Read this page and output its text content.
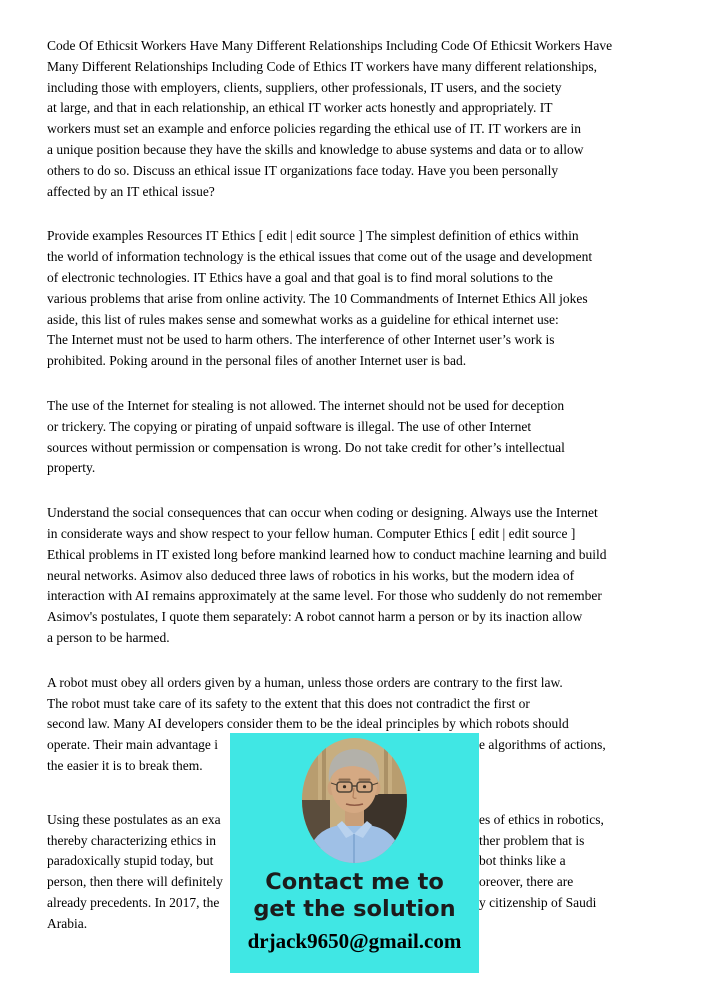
Code Of Ethicsit Workers Have Many Different Relationships Including Code Of Ethicsit Workers Have
Many Different Relationships Including Code of Ethics IT workers have many different relationships,
including those with employers, clients, suppliers, other professionals, IT users, and the society
at large, and that in each relationship, an ethical IT worker acts honestly and appropriately. IT
workers must set an example and enforce policies regarding the ethical use of IT. IT workers are in
a unique position because they have the skills and knowledge to abuse systems and data or to allow
others to do so. Discuss an ethical issue IT organizations face today. Have you been personally
affected by an IT ethical issue?
Provide examples Resources IT Ethics [ edit | edit source ] The simplest definition of ethics within
the world of information technology is the ethical issues that come out of the usage and development
of electronic technologies. IT Ethics have a goal and that goal is to find moral solutions to the
various problems that arise from online activity. The 10 Commandments of Internet Ethics All jokes
aside, this list of rules makes sense and somewhat works as a guideline for ethical internet use:
The Internet must not be used to harm others. The interference of other Internet user’s work is
prohibited. Poking around in the personal files of another Internet user is bad.
The use of the Internet for stealing is not allowed. The internet should not be used for deception
or trickery. The copying or pirating of unpaid software is illegal. The use of other Internet
sources without permission or compensation is wrong. Do not take credit for other’s intellectual
property.
Understand the social consequences that can occur when coding or designing. Always use the Internet
in considerate ways and show respect to your fellow human. Computer Ethics [ edit | edit source ]
Ethical problems in IT existed long before mankind learned how to conduct machine learning and build
neural networks. Asimov also deduced three laws of robotics in his works, but the modern idea of
interaction with AI remains approximately at the same level. For those who suddenly do not remember
Asimov's postulates, I quote them separately: A robot cannot harm a person or by its inaction allow
a person to be harmed.
A robot must obey all orders given by a human, unless those orders are contrary to the first law.
The robot must take care of its safety to the extent that this does not contradict the first or
second law. Many AI developers consider them to be the ideal principles by which robots should
operate. Their main advantage i	e algorithms of actions,
the easier it is to break them.
Using these postulates as an exa	es of ethics in robotics,
thereby characterizing ethics in	ther problem that is
paradoxically stupid today, but	bot thinks like a
person, then there will definitely	oreover, there are
already precedents. In 2017, the	y citizenship of Saudi
Arabia.
Contact me to
get the solution
drjack9650@gmail.com
